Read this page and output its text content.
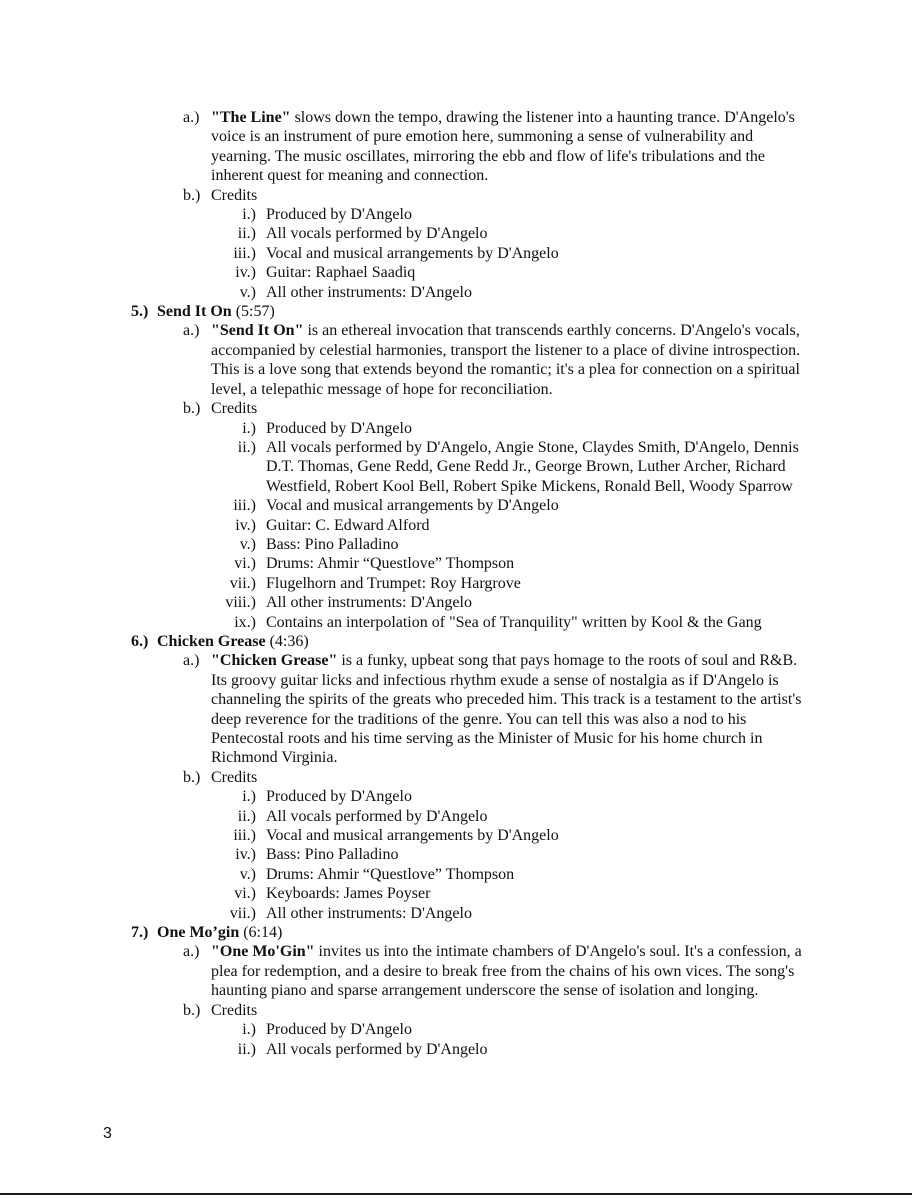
a.) "The Line" slows down the tempo, drawing the listener into a haunting trance. D'Angelo's voice is an instrument of pure emotion here, summoning a sense of vulnerability and yearning. The music oscillates, mirroring the ebb and flow of life's tribulations and the inherent quest for meaning and connection.
b.) Credits
i.) Produced by D'Angelo
ii.) All vocals performed by D'Angelo
iii.) Vocal and musical arrangements by D'Angelo
iv.) Guitar: Raphael Saadiq
v.) All other instruments: D'Angelo
5.) Send It On (5:57)
a.) "Send It On" is an ethereal invocation that transcends earthly concerns. D'Angelo's vocals, accompanied by celestial harmonies, transport the listener to a place of divine introspection. This is a love song that extends beyond the romantic; it's a plea for connection on a spiritual level, a telepathic message of hope for reconciliation.
b.) Credits
i.) Produced by D'Angelo
ii.) All vocals performed by D'Angelo, Angie Stone, Claydes Smith, D'Angelo, Dennis D.T. Thomas, Gene Redd, Gene Redd Jr., George Brown, Luther Archer, Richard Westfield, Robert Kool Bell, Robert Spike Mickens, Ronald Bell, Woody Sparrow
iii.) Vocal and musical arrangements by D'Angelo
iv.) Guitar: C. Edward Alford
v.) Bass: Pino Palladino
vi.) Drums: Ahmir “Questlove” Thompson
vii.) Flugelhorn and Trumpet: Roy Hargrove
viii.) All other instruments: D'Angelo
ix.) Contains an interpolation of "Sea of Tranquility" written by Kool & the Gang
6.) Chicken Grease (4:36)
a.) "Chicken Grease" is a funky, upbeat song that pays homage to the roots of soul and R&B. Its groovy guitar licks and infectious rhythm exude a sense of nostalgia as if D'Angelo is channeling the spirits of the greats who preceded him. This track is a testament to the artist's deep reverence for the traditions of the genre. You can tell this was also a nod to his Pentecostal roots and his time serving as the Minister of Music for his home church in Richmond Virginia.
b.) Credits
i.) Produced by D'Angelo
ii.) All vocals performed by D'Angelo
iii.) Vocal and musical arrangements by D'Angelo
iv.) Bass: Pino Palladino
v.) Drums: Ahmir “Questlove” Thompson
vi.) Keyboards: James Poyser
vii.) All other instruments: D'Angelo
7.) One Mo’gin (6:14)
a.) "One Mo'Gin" invites us into the intimate chambers of D'Angelo's soul. It's a confession, a plea for redemption, and a desire to break free from the chains of his own vices. The song's haunting piano and sparse arrangement underscore the sense of isolation and longing.
b.) Credits
i.) Produced by D'Angelo
ii.) All vocals performed by D'Angelo
3
